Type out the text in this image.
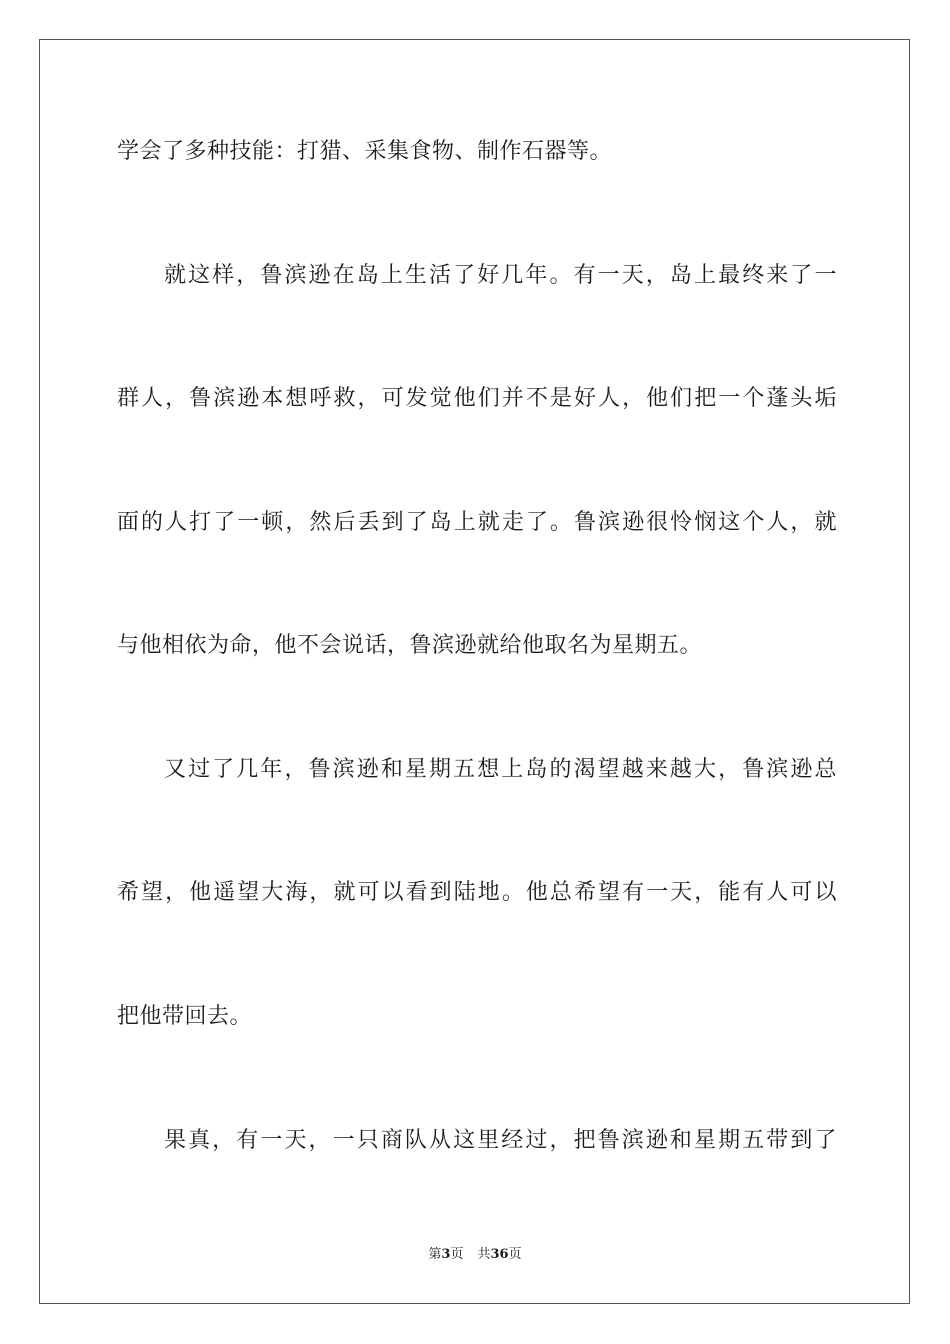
学会了多种技能：打猎、采集食物、制作石器等。
就这样，鲁滨逊在岛上生活了好几年。有一天，岛上最终来了一
群人，鲁滨逊本想呼救，可发觉他们并不是好人，他们把一个蓬头垢
面的人打了一顿，然后丢到了岛上就走了。鲁滨逊很怜悯这个人，就
与他相依为命，他不会说话，鲁滨逊就给他取名为星期五。
又过了几年，鲁滨逊和星期五想上岛的渴望越来越大，鲁滨逊总
希望，他遥望大海，就可以看到陆地。他总希望有一天，能有人可以
把他带回去。
果真，有一天，一只商队从这里经过，把鲁滨逊和星期五带到了
第3页 共36页
